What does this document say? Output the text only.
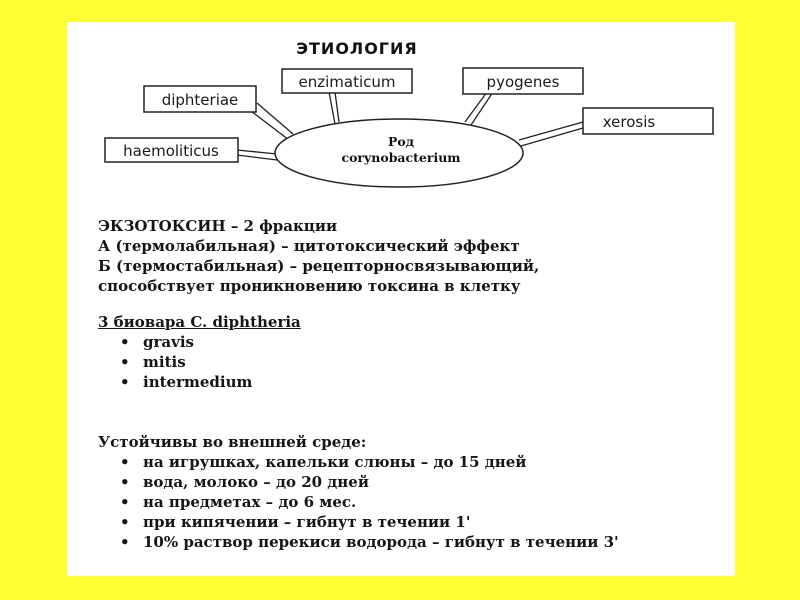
ЭТИОЛОГИЯ
diphteriae
enzimaticum	pyogenes
xerosis
haemoliticus
Род
corynobacterium

ЭКЗОТОКСИН – 2 фракции

А (термолабильная) – цитотоксический эффект

Б (термостабильная) – рецепторносвязывающий,

способствует проникновению токсина в клетку

3 биовара C. diphtheria

• gravis
• mitis
• intermedium

Устойчивы во внешней среде:

• на игрушках, капельки слюны – до 15 дней
• вода, молоко – до 20 дней
• на предметах – до 6 мес.
• при кипячении – гибнут в течении 1'
• 10% раствор перекиси водорода – гибнут в течении 3'
